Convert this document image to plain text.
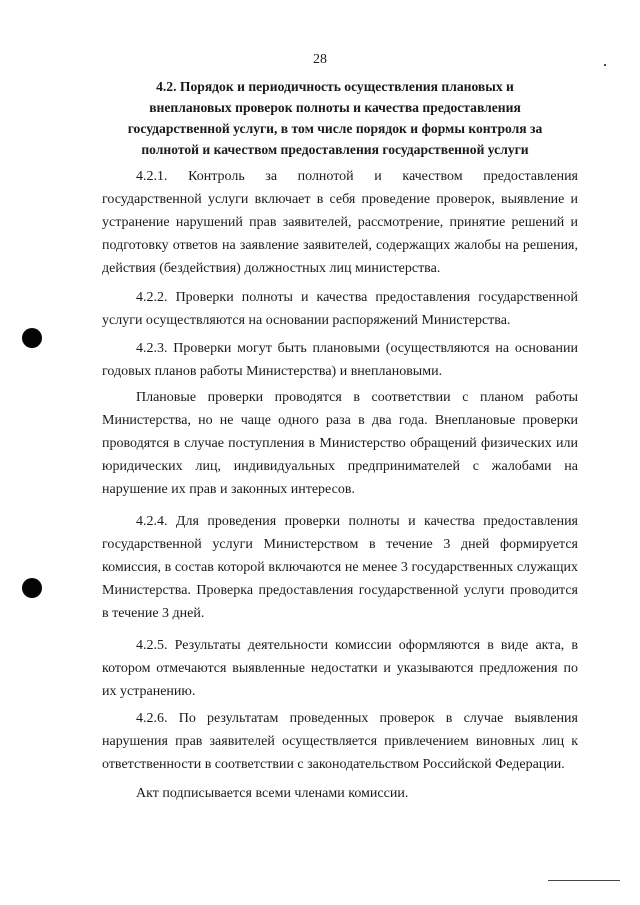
28
4.2. Порядок и периодичность осуществления плановых и
внеплановых проверок полноты и качества предоставления
государственной услуги, в том числе порядок и формы контроля за
полнотой и качеством предоставления государственной услуги

4.2.1. Контроль за полнотой и качеством предоставления государственной услуги включает в себя проведение проверок, выявление и устранение нарушений прав заявителей, рассмотрение, принятие решений и подготовку ответов на заявление заявителей, содержащих жалобы на решения, действия (бездействия) должностных лиц министерства.

4.2.2. Проверки полноты и качества предоставления государственной услуги осуществляются на основании распоряжений Министерства.

4.2.3. Проверки могут быть плановыми (осуществляются на основании годовых планов работы Министерства) и внеплановыми.

Плановые проверки проводятся в соответствии с планом работы Министерства, но не чаще одного раза в два года. Внеплановые проверки проводятся в случае поступления в Министерство обращений физических или юридических лиц, индивидуальных предпринимателей с жалобами на нарушение их прав и законных интересов.

4.2.4. Для проведения проверки полноты и качества предоставления государственной услуги Министерством в течение 3 дней формируется комиссия, в состав которой включаются не менее 3 государственных служащих Министерства. Проверка предоставления государственной услуги проводится в течение 3 дней.

4.2.5. Результаты деятельности комиссии оформляются в виде акта, в котором отмечаются выявленные недостатки и указываются предложения по их устранению.

4.2.6. По результатам проведенных проверок в случае выявления нарушения прав заявителей осуществляется привлечением виновных лиц к ответственности в соответствии с законодательством Российской Федерации.

Акт подписывается всеми членами комиссии.
